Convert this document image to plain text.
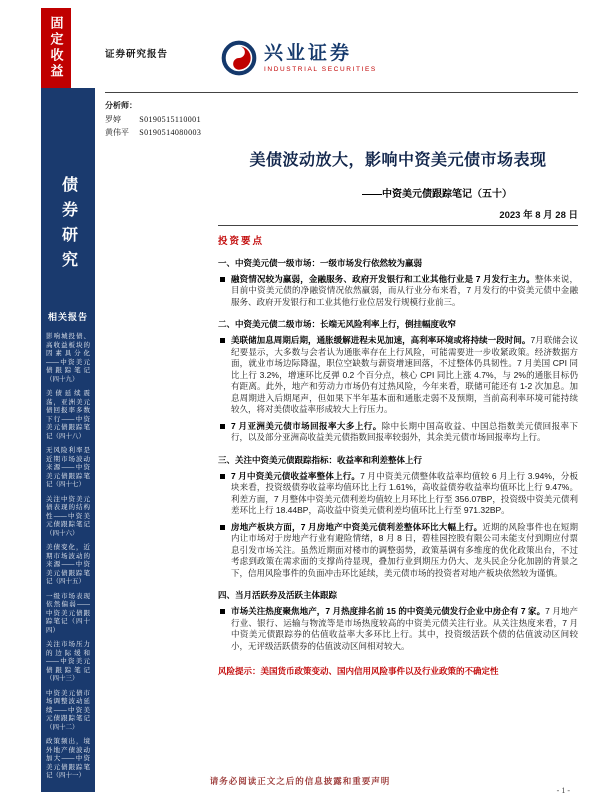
固定收益
债券研究
相关报告
影响城投债、高收益板块的因素具分化——中资美元债跟踪笔记（四十九）
美债延续震荡，亚洲美元债回报率多数下行——中资美元债跟踪笔记（四十八）
无风险利率是近期市场波动来源——中资美元债跟踪笔记（四十七）
关注中资美元债表现的结构性——中资美元债跟踪笔记（四十六）
美债变化，近期市场波动的来源——中资美元债跟踪笔记（四十五）
一级市场表现依然偏弱——中资美元债跟踪笔记（四十四）
关注市场压力的边际缓和——中资美元债跟踪笔记（四十三）
中资美元债市场调整波动延续——中资美元债跟踪笔记（四十二）
政策频出，境外地产债波动加大——中资美元债跟踪笔记（四十一）
证券研究报告	兴业证券
INDUSTRIAL SECURITIES
分析师：
罗婷 S0190515110001
黄伟平 S0190514080003
美债波动放大，影响中资美元债市场表现
——中资美元债跟踪笔记（五十）
2023 年 8 月 28 日
投资要点
一、中资美元债一级市场：一级市场发行依然较为羸弱

融资情况较为羸弱，金融服务、政府开发银行和工业其他行业是 7 月发行主力。整体来说，目前中资美元债的净融资情况依然羸弱，而从行业分布来看，7 月发行的中资美元债中金融服务、政府开发银行和工业其他行业位居发行规模行业前三。

二、中资美元债二级市场：长端无风险利率上行，倒挂幅度收窄

美联储加息周期后期，通胀缓解进程未见加速，高利率环境或将持续一段时间。7月联储会议纪要显示，大多数与会者认为通胀率存在上行风险，可能需要进一步收紧政策。经济数据方面，就业市场边际降温，职位空缺数与薪资增速回落，不过整体仍具韧性。7 月美国 CPI 同比上行 3.2%，增速环比反弹 0.2 个百分点，核心 CPI 同比上涨 4.7%，与 2%的通胀目标仍有距离。此外，地产和劳动力市场仍有过热风险，今年来看，联储可能还有 1-2 次加息。加息周期进入后期尾声，但如果下半年基本面和通胀走弱不及预期，当前高利率环境可能持续较久，将对美债收益率形成较大上行压力。

7 月亚洲美元债市场回报率大多上行。除中长期中国高收益、中国总指数美元债回报率下行，以及部分亚洲高收益美元债指数回报率较弱外，其余美元债市场回报率均上行。

三、关注中资美元债跟踪指标：收益率和利差整体上行

7 月中资美元债收益率整体上行。7 月中资美元债整体收益率均值较 6 月上行 3.94%，分板块来看，投资级债券收益率均值环比上行 1.61%，高收益债券收益率均值环比上行 9.47%。利差方面，7 月整体中资美元债利差均值较上月环比上行至 356.07BP，投资级中资美元债利差环比上行 18.44BP，高收益中资美元债利差均值环比上行至 971.32BP。

房地产板块方面，7 月房地产中资美元债利差整体环比大幅上行。近期的风险事件也在短期内让市场对于房地产行业有避险情绪，8 月 8 日，碧桂园控股有限公司未能支付到期应付票息引发市场关注。虽然近期面对楼市的调整弱势，政策基调有多维度的优化政策出台，不过考虑到政策在需求面的支撑尚待显现，叠加行业到期压力仍大、龙头民企分化加剧的背景之下，信用风险事件的负面冲击环比延续，美元债市场的投资者对地产板块依然较为谨慎。

四、当月活跃券及活跃主体跟踪

市场关注热度聚焦地产，7 月热度排名前 15 的中资美元债发行企业中房企有 7 家。7 月地产行业、银行、运输与物流等是市场热度较高的中资美元债关注行业。从关注热度来看，7 月中资美元债跟踪券的估值收益率大多环比上行。其中，投资级活跃个债的估值波动区间较小，无评级活跃债券的估值波动区间相对较大。

风险提示：美国货币政策变动、国内信用风险事件以及行业政策的不确定性
请务必阅读正文之后的信息披露和重要声明
- 1 -
